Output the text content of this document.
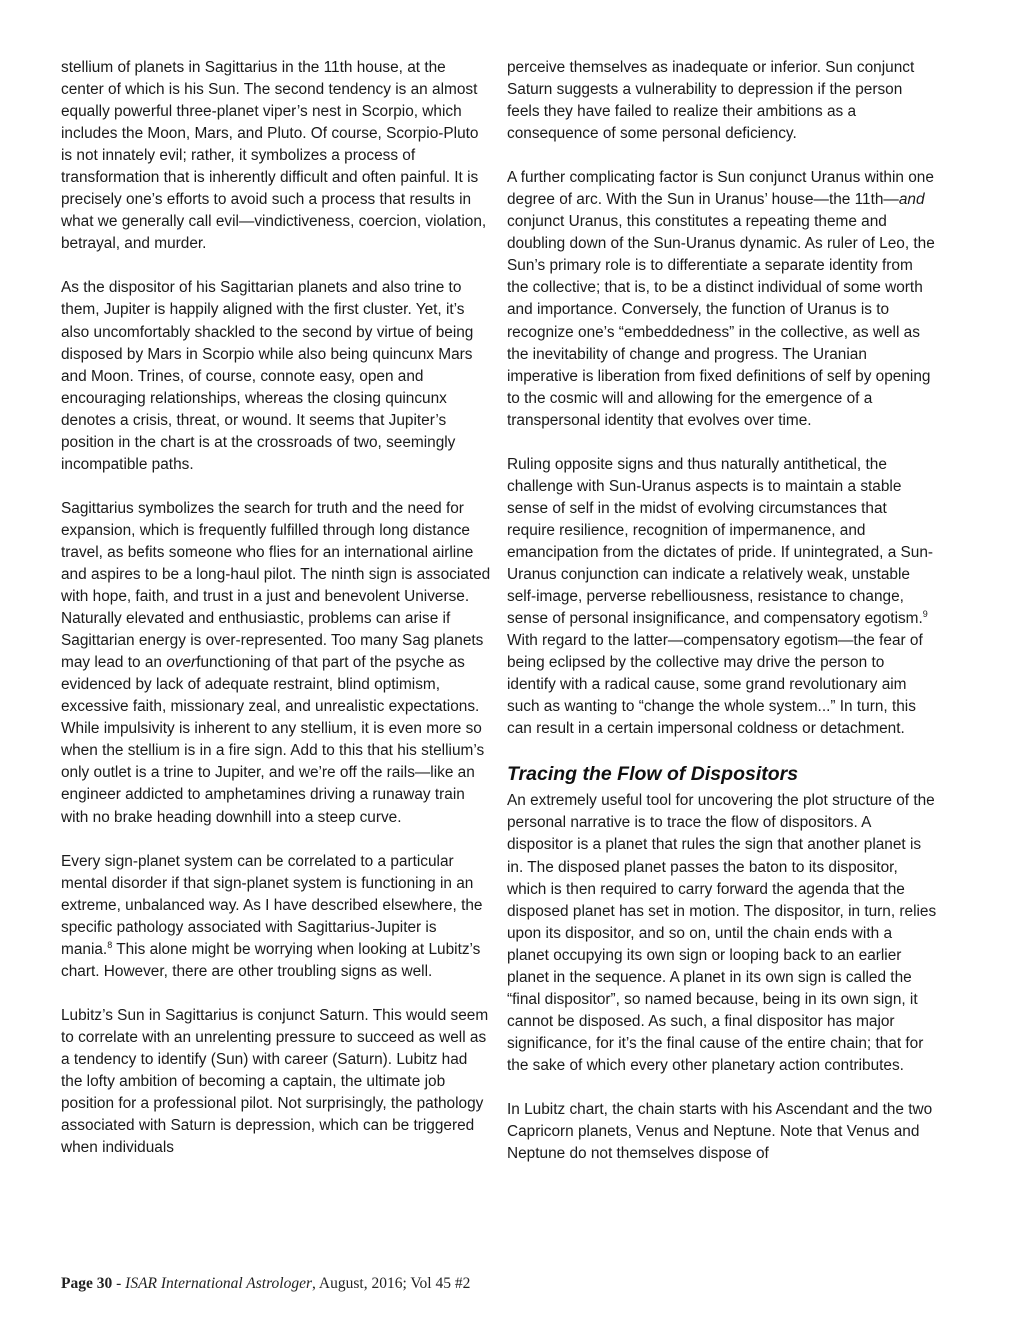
stellium of planets in Sagittarius in the 11th house, at the center of which is his Sun. The second tendency is an almost equally powerful three-planet viper’s nest in Scorpio, which includes the Moon, Mars, and Pluto. Of course, Scorpio-Pluto is not innately evil; rather, it symbolizes a process of transformation that is inherently difficult and often painful. It is precisely one’s efforts to avoid such a process that results in what we generally call evil—vindictiveness, coercion, violation, betrayal, and murder.

As the dispositor of his Sagittarian planets and also trine to them, Jupiter is happily aligned with the first cluster. Yet, it’s also uncomfortably shackled to the second by virtue of being disposed by Mars in Scorpio while also being quincunx Mars and Moon. Trines, of course, connote easy, open and encouraging relationships, whereas the closing quincunx denotes a crisis, threat, or wound. It seems that Jupiter’s position in the chart is at the crossroads of two, seemingly incompatible paths.

Sagittarius symbolizes the search for truth and the need for expansion, which is frequently fulfilled through long distance travel, as befits someone who flies for an international airline and aspires to be a long-haul pilot. The ninth sign is associated with hope, faith, and trust in a just and benevolent Universe. Naturally elevated and enthusiastic, problems can arise if Sagittarian energy is over-represented. Too many Sag planets may lead to an overfunctioning of that part of the psyche as evidenced by lack of adequate restraint, blind optimism, excessive faith, missionary zeal, and unrealistic expectations. While impulsivity is inherent to any stellium, it is even more so when the stellium is in a fire sign. Add to this that his stellium’s only outlet is a trine to Jupiter, and we’re off the rails—like an engineer addicted to amphetamines driving a runaway train with no brake heading downhill into a steep curve.

Every sign-planet system can be correlated to a particular mental disorder if that sign-planet system is functioning in an extreme, unbalanced way. As I have described elsewhere, the specific pathology associated with Sagittarius-Jupiter is mania.$^8$ This alone might be worrying when looking at Lubitz’s chart. However, there are other troubling signs as well.

Lubitz’s Sun in Sagittarius is conjunct Saturn. This would seem to correlate with an unrelenting pressure to succeed as well as a tendency to identify (Sun) with career (Saturn). Lubitz had the lofty ambition of becoming a captain, the ultimate job position for a professional pilot. Not surprisingly, the pathology associated with Saturn is depression, which can be triggered when individuals

perceive themselves as inadequate or inferior. Sun conjunct Saturn suggests a vulnerability to depression if the person feels they have failed to realize their ambitions as a consequence of some personal deficiency.

A further complicating factor is Sun conjunct Uranus within one degree of arc. With the Sun in Uranus’ house—the 11th—and conjunct Uranus, this constitutes a repeating theme and doubling down of the Sun-Uranus dynamic. As ruler of Leo, the Sun’s primary role is to differentiate a separate identity from the collective; that is, to be a distinct individual of some worth and importance. Conversely, the function of Uranus is to recognize one’s “embeddedness” in the collective, as well as the inevitability of change and progress. The Uranian imperative is liberation from fixed definitions of self by opening to the cosmic will and allowing for the emergence of a transpersonal identity that evolves over time.

Ruling opposite signs and thus naturally antithetical, the challenge with Sun-Uranus aspects is to maintain a stable sense of self in the midst of evolving circumstances that require resilience, recognition of impermanence, and emancipation from the dictates of pride. If unintegrated, a Sun-Uranus conjunction can indicate a relatively weak, unstable self-image, perverse rebelliousness, resistance to change, sense of personal insignificance, and compensatory egotism.$^9$ With regard to the latter—compensatory egotism—the fear of being eclipsed by the collective may drive the person to identify with a radical cause, some grand revolutionary aim such as wanting to “change the whole system...” In turn, this can result in a certain impersonal coldness or detachment.

Tracing the Flow of Dispositors

An extremely useful tool for uncovering the plot structure of the personal narrative is to trace the flow of dispositors. A dispositor is a planet that rules the sign that another planet is in. The disposed planet passes the baton to its dispositor, which is then required to carry forward the agenda that the disposed planet has set in motion. The dispositor, in turn, relies upon its dispositor, and so on, until the chain ends with a planet occupying its own sign or looping back to an earlier planet in the sequence. A planet in its own sign is called the “final dispositor”, so named because, being in its own sign, it cannot be disposed. As such, a final dispositor has major significance, for it’s the final cause of the entire chain; that for the sake of which every other planetary action contributes.

In Lubitz chart, the chain starts with his Ascendant and the two Capricorn planets, Venus and Neptune. Note that Venus and Neptune do not themselves dispose of

Page 30 - ISAR International Astrologer, August, 2016; Vol 45 #2
